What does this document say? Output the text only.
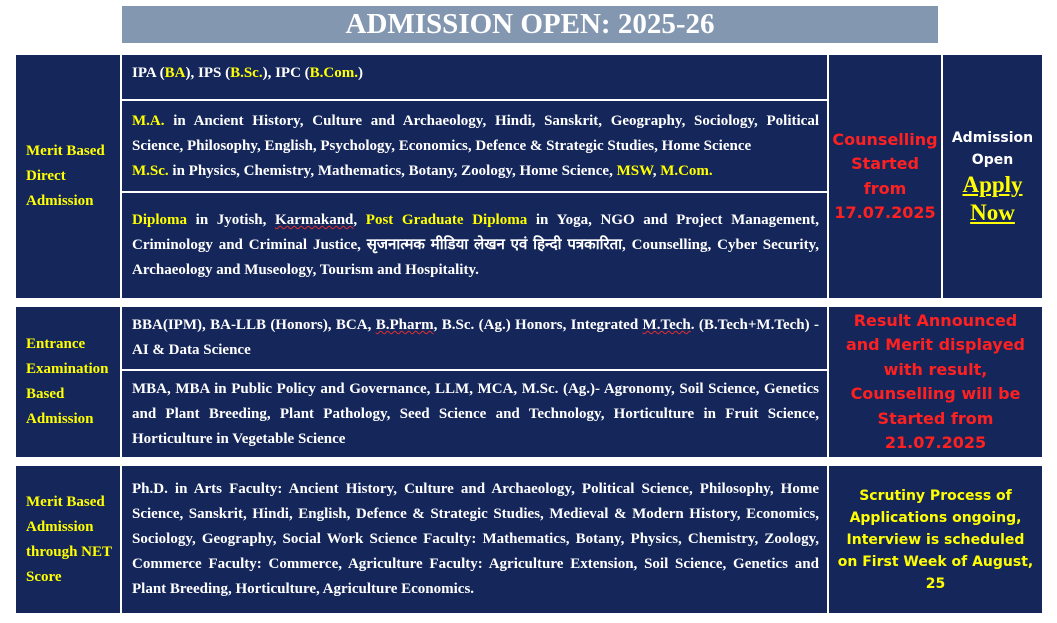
ADMISSION OPEN: 2025-26
Merit Based Direct Admission
IPA (BA), IPS (B.Sc.), IPC (B.Com.)
M.A. in Ancient History, Culture and Archaeology, Hindi, Sanskrit, Geography, Sociology, Political Science, Philosophy, English, Psychology, Economics, Defence & Strategic Studies, Home Science
M.Sc. in Physics, Chemistry, Mathematics, Botany, Zoology, Home Science, MSW, M.Com.
Diploma in Jyotish, Karmakand, Post Graduate Diploma in Yoga, NGO and Project Management, Criminology and Criminal Justice, सृजनात्मक मीडिया लेखन एवं हिन्दी पत्रकारिता, Counselling, Cyber Security, Archaeology and Museology, Tourism and Hospitality.
Counselling Started from 17.07.2025
Admission Open
Apply Now
Entrance Examination Based Admission
BBA(IPM), BA-LLB (Honors), BCA, B.Pharm, B.Sc. (Ag.) Honors, Integrated M.Tech. (B.Tech+M.Tech) -AI & Data Science
MBA, MBA in Public Policy and Governance, LLM, MCA, M.Sc. (Ag.)- Agronomy, Soil Science, Genetics and Plant Breeding, Plant Pathology, Seed Science and Technology, Horticulture in Fruit Science, Horticulture in Vegetable Science
Result Announced and Merit displayed with result, Counselling will be Started from 21.07.2025
Merit Based Admission through NET Score
Ph.D. in Arts Faculty: Ancient History, Culture and Archaeology, Political Science, Philosophy, Home Science, Sanskrit, Hindi, English, Defence & Strategic Studies, Medieval & Modern History, Economics, Sociology, Geography, Social Work Science Faculty: Mathematics, Botany, Physics, Chemistry, Zoology, Commerce Faculty: Commerce, Agriculture Faculty: Agriculture Extension, Soil Science, Genetics and Plant Breeding, Horticulture, Agriculture Economics.
Scrutiny Process of Applications ongoing, Interview is scheduled on First Week of August, 25
